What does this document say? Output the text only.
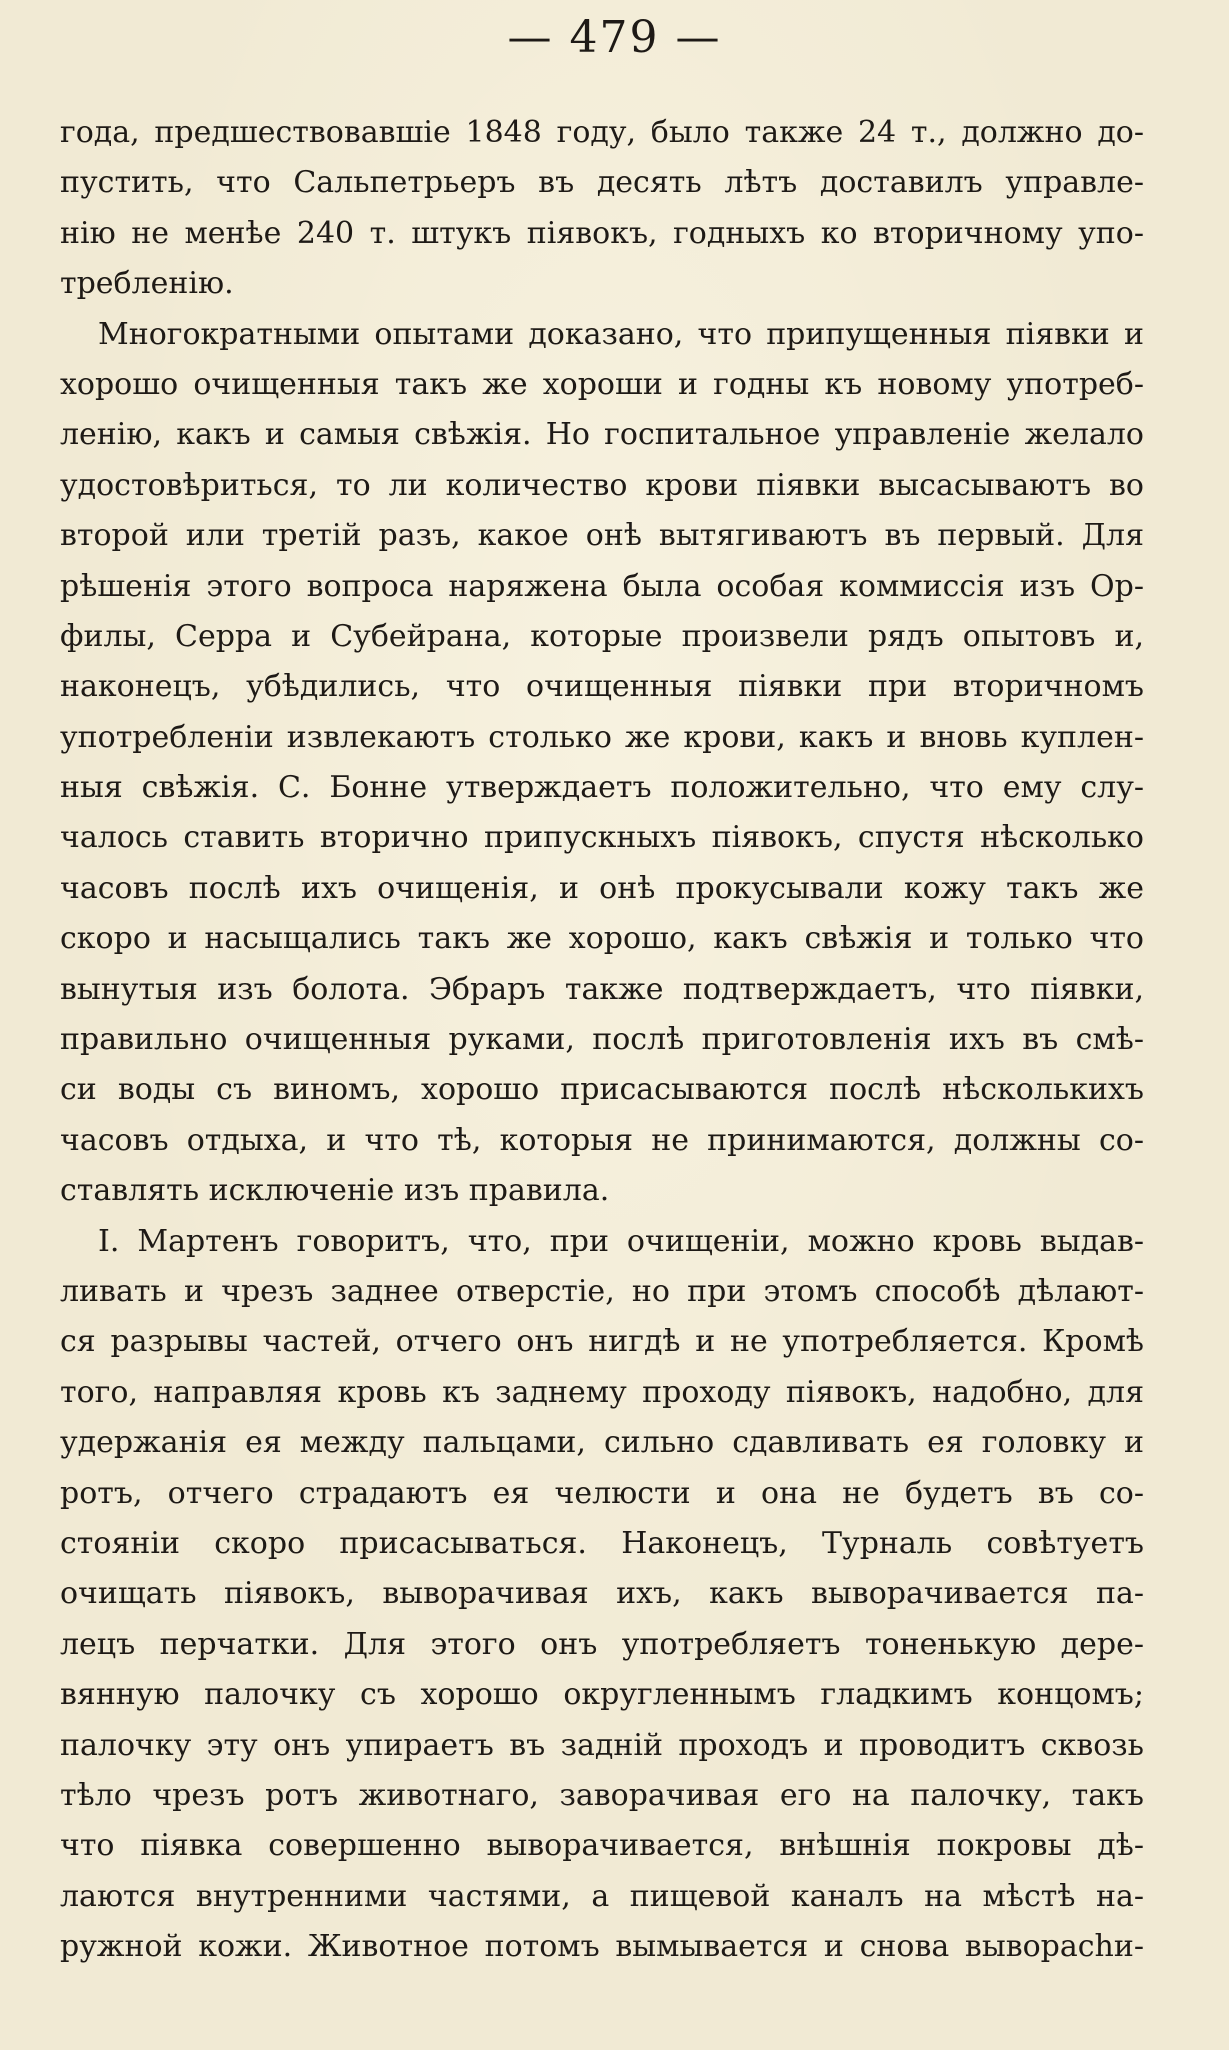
— 479 —
года, предшествовавшіе 1848 году, было также 24 т., должно до-
пустить, что Сальпетрьеръ въ десять лѣтъ доставилъ управле-
нію не менѣе 240 т. штукъ піявокъ, годныхъ ко вторичному упо-
требленію.
Многократными опытами доказано, что припущенныя піявки и
хорошо очищенныя такъ же хороши и годны къ новому употреб-
ленію, какъ и самыя свѣжія. Но госпитальное управленіе желало
удостовѣриться, то ли количество крови піявки высасываютъ во
второй или третій разъ, какое онѣ вытягиваютъ въ первый. Для
рѣшенія этого вопроса наряжена была особая коммиссія изъ Ор-
филы, Серра и Субейрана, которые произвели рядъ опытовъ и,
наконецъ, убѣдились, что очищенныя піявки при вторичномъ
употребленіи извлекаютъ столько же крови, какъ и вновь куплен-
ныя свѣжія. С. Бонне утверждаетъ положительно, что ему слу-
чалось ставить вторично припускныхъ піявокъ, спустя нѣсколько
часовъ послѣ ихъ очищенія, и онѣ прокусывали кожу такъ же
скоро и насыщались такъ же хорошо, какъ свѣжія и только что
вынутыя изъ болота. Эбраръ также подтверждаетъ, что піявки,
правильно очищенныя руками, послѣ приготовленія ихъ въ смѣ-
си воды съ виномъ, хорошо присасываются послѣ нѣсколькихъ
часовъ отдыха, и что тѣ, которыя не принимаются, должны со-
ставлять исключеніе изъ правила.
І. Мартенъ говоритъ, что, при очищеніи, можно кровь выдав-
ливать и чрезъ заднее отверстіе, но при этомъ способѣ дѣлают-
ся разрывы частей, отчего онъ нигдѣ и не употребляется. Кромѣ
того, направляя кровь къ заднему проходу піявокъ, надобно, для
удержанія ея между пальцами, сильно сдавливать ея головку и
ротъ, отчего страдаютъ ея челюсти и она не будетъ въ со-
стояніи скоро присасываться. Наконецъ, Турналь совѣтуетъ
очищать піявокъ, выворачивая ихъ, какъ выворачивается па-
лецъ перчатки. Для этого онъ употребляетъ тоненькую дере-
вянную палочку съ хорошо округленнымъ гладкимъ концомъ;
палочку эту онъ упираетъ въ задній проходъ и проводитъ сквозь
тѣло чрезъ ротъ животнаго, заворачивая его на палочку, такъ
что піявка совершенно выворачивается, внѣшнія покровы дѣ-
лаются внутренними частями, а пищевой каналъ на мѣстѣ на-
ружной кожи. Животное потомъ вымывается и снова вывораchи-
